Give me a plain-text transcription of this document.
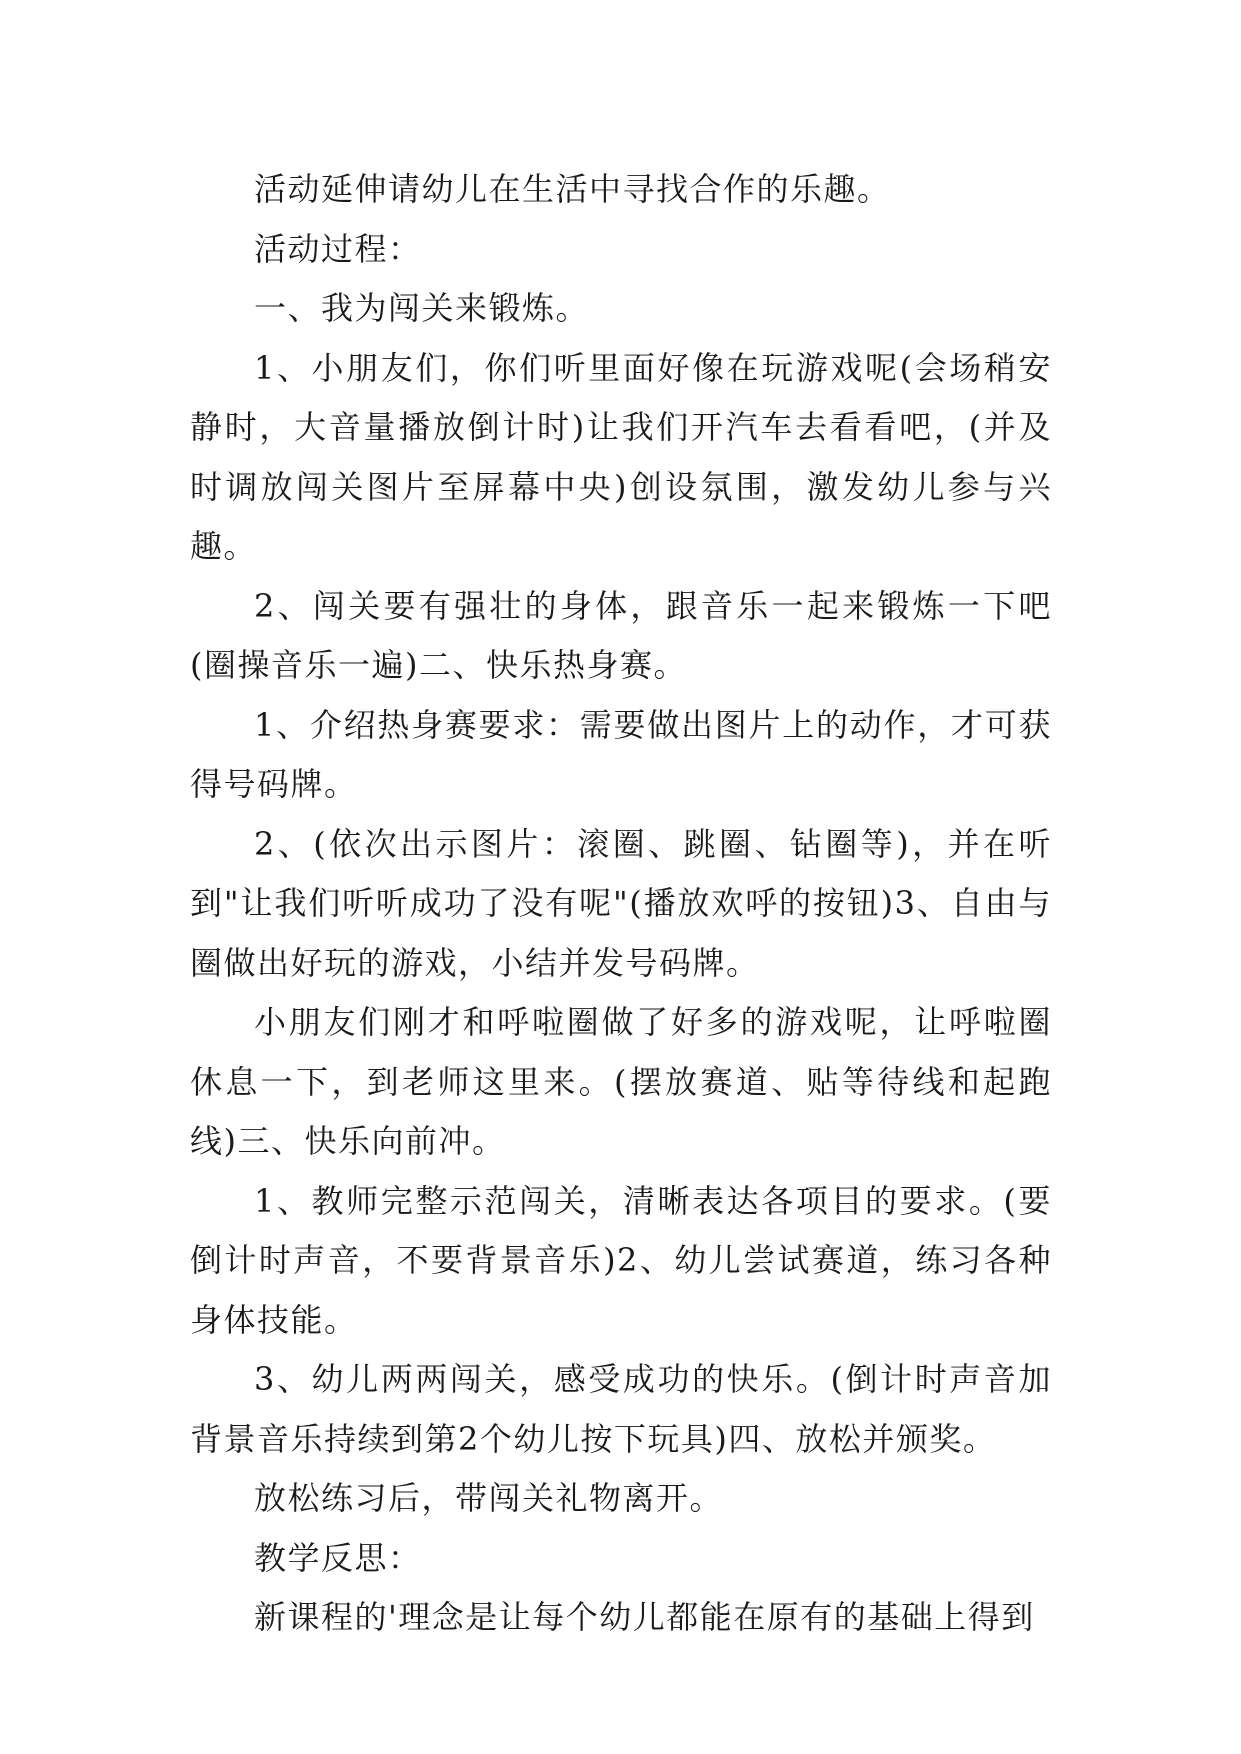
活动延伸请幼儿在生活中寻找合作的乐趣。

活动过程：

一、我为闯关来锻炼。

1、小朋友们，你们听里面好像在玩游戏呢(会场稍安静时，大音量播放倒计时)让我们开汽车去看看吧，(并及时调放闯关图片至屏幕中央)创设氛围，激发幼儿参与兴趣。

2、闯关要有强壮的身体，跟音乐一起来锻炼一下吧(圈操音乐一遍)二、快乐热身赛。

1、介绍热身赛要求：需要做出图片上的动作，才可获得号码牌。

2、(依次出示图片：滚圈、跳圈、钻圈等)，并在听到"让我们听听成功了没有呢"(播放欢呼的按钮)3、自由与圈做出好玩的游戏，小结并发号码牌。

小朋友们刚才和呼啦圈做了好多的游戏呢，让呼啦圈休息一下，到老师这里来。(摆放赛道、贴等待线和起跑线)三、快乐向前冲。

1、教师完整示范闯关，清晰表达各项目的要求。(要倒计时声音，不要背景音乐)2、幼儿尝试赛道，练习各种身体技能。

3、幼儿两两闯关，感受成功的快乐。(倒计时声音加背景音乐持续到第2个幼儿按下玩具)四、放松并颁奖。

放松练习后，带闯关礼物离开。

教学反思：

新课程的'理念是让每个幼儿都能在原有的基础上得到
